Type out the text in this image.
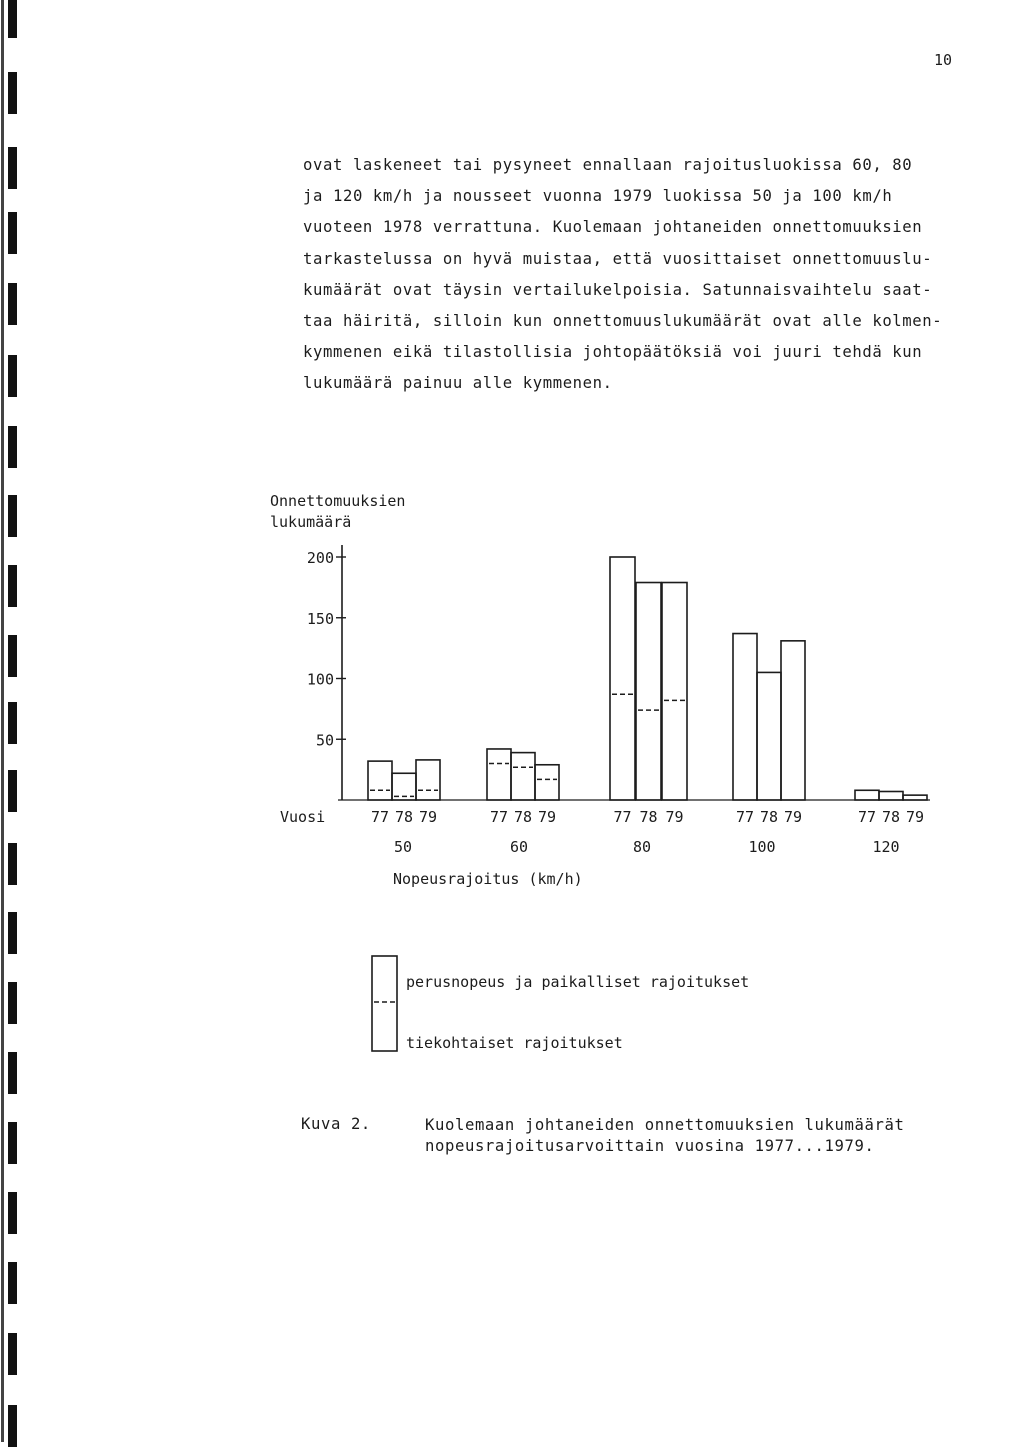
10
ovat laskeneet tai pysyneet ennallaan rajoitusluokissa 60, 80
ja 120 km/h ja nousseet vuonna 1979 luokissa 50 ja 100 km/h
vuoteen 1978 verrattuna. Kuolemaan johtaneiden onnettomuuksien
tarkastelussa on hyvä muistaa, että vuosittaiset onnettomuuslu-
kumäärät ovat täysin vertailukelpoisia. Satunnaisvaihtelu saat-
taa häiritä, silloin kun onnettomuuslukumäärät ovat alle kolmen-
kymmenen eikä tilastollisia johtopäätöksiä voi juuri tehdä kun
lukumäärä painuu alle kymmenen.
Onnettomuuksien
lukumäärä
200
150
100
50
77 78 79
50
77 78 79
60
77 78 79
80
77 78 79
100
77 78 79
120
Vuosi
Nopeusrajoitus (km/h)
perusnopeus ja paikalliset rajoitukset
tiekohtaiset rajoitukset
Kuva 2.	Kuolemaan johtaneiden onnettomuuksien lukumäärät
nopeusrajoitusarvoittain vuosina 1977...1979.
